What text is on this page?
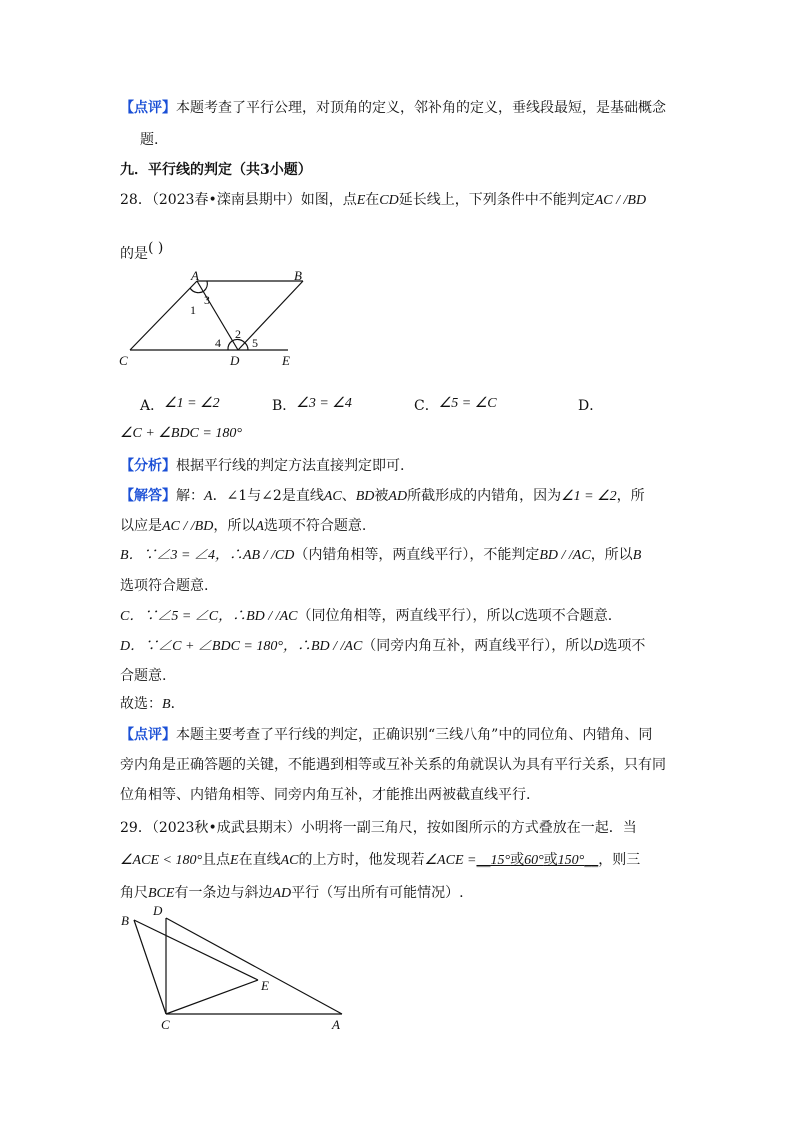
【点评】本题考查了平行公理，对顶角的定义，邻补角的定义，垂线段最短，是基础概念
题.
九．平行线的判定（共3小题）
28．（2023春•滦南县期中）如图，点E在CD延长线上，下列条件中不能判定AC / /BD
的是( )
A	B
C	D	E
1
2
3
4	5
A．∠1 = ∠2	B．∠3 = ∠4	C．∠5 = ∠C	D．
∠C + ∠BDC = 180°
【分析】根据平行线的判定方法直接判定即可.
【解答】解：A．∠1与∠2是直线AC、BD被AD所截形成的内错角，因为∠1 = ∠2，所
以应是AC / /BD，所以A选项不符合题意.
B．∵∠3 = ∠4，∴AB / /CD（内错角相等，两直线平行），不能判定BD / /AC，所以B
选项符合题意.
C．∵∠5 = ∠C，∴BD / /AC（同位角相等，两直线平行），所以C选项不合题意.
D．∵∠C + ∠BDC = 180°，∴BD / /AC（同旁内角互补，两直线平行），所以D选项不
合题意.
故选：B．
【点评】本题主要考查了平行线的判定，正确识别“三线八角”中的同位角、内错角、同
旁内角是正确答题的关键，不能遇到相等或互补关系的角就误认为具有平行关系，只有同
位角相等、内错角相等、同旁内角互补，才能推出两被截直线平行.
29．（2023秋•成武县期末）小明将一副三角尺，按如图所示的方式叠放在一起．当
∠ACE < 180°且点E在直线AC的上方时，他发现若∠ACE =__15°或60°或150°__，则三
角尺BCE有一条边与斜边AD平行（写出所有可能情况）.
B
D
E
C	A
